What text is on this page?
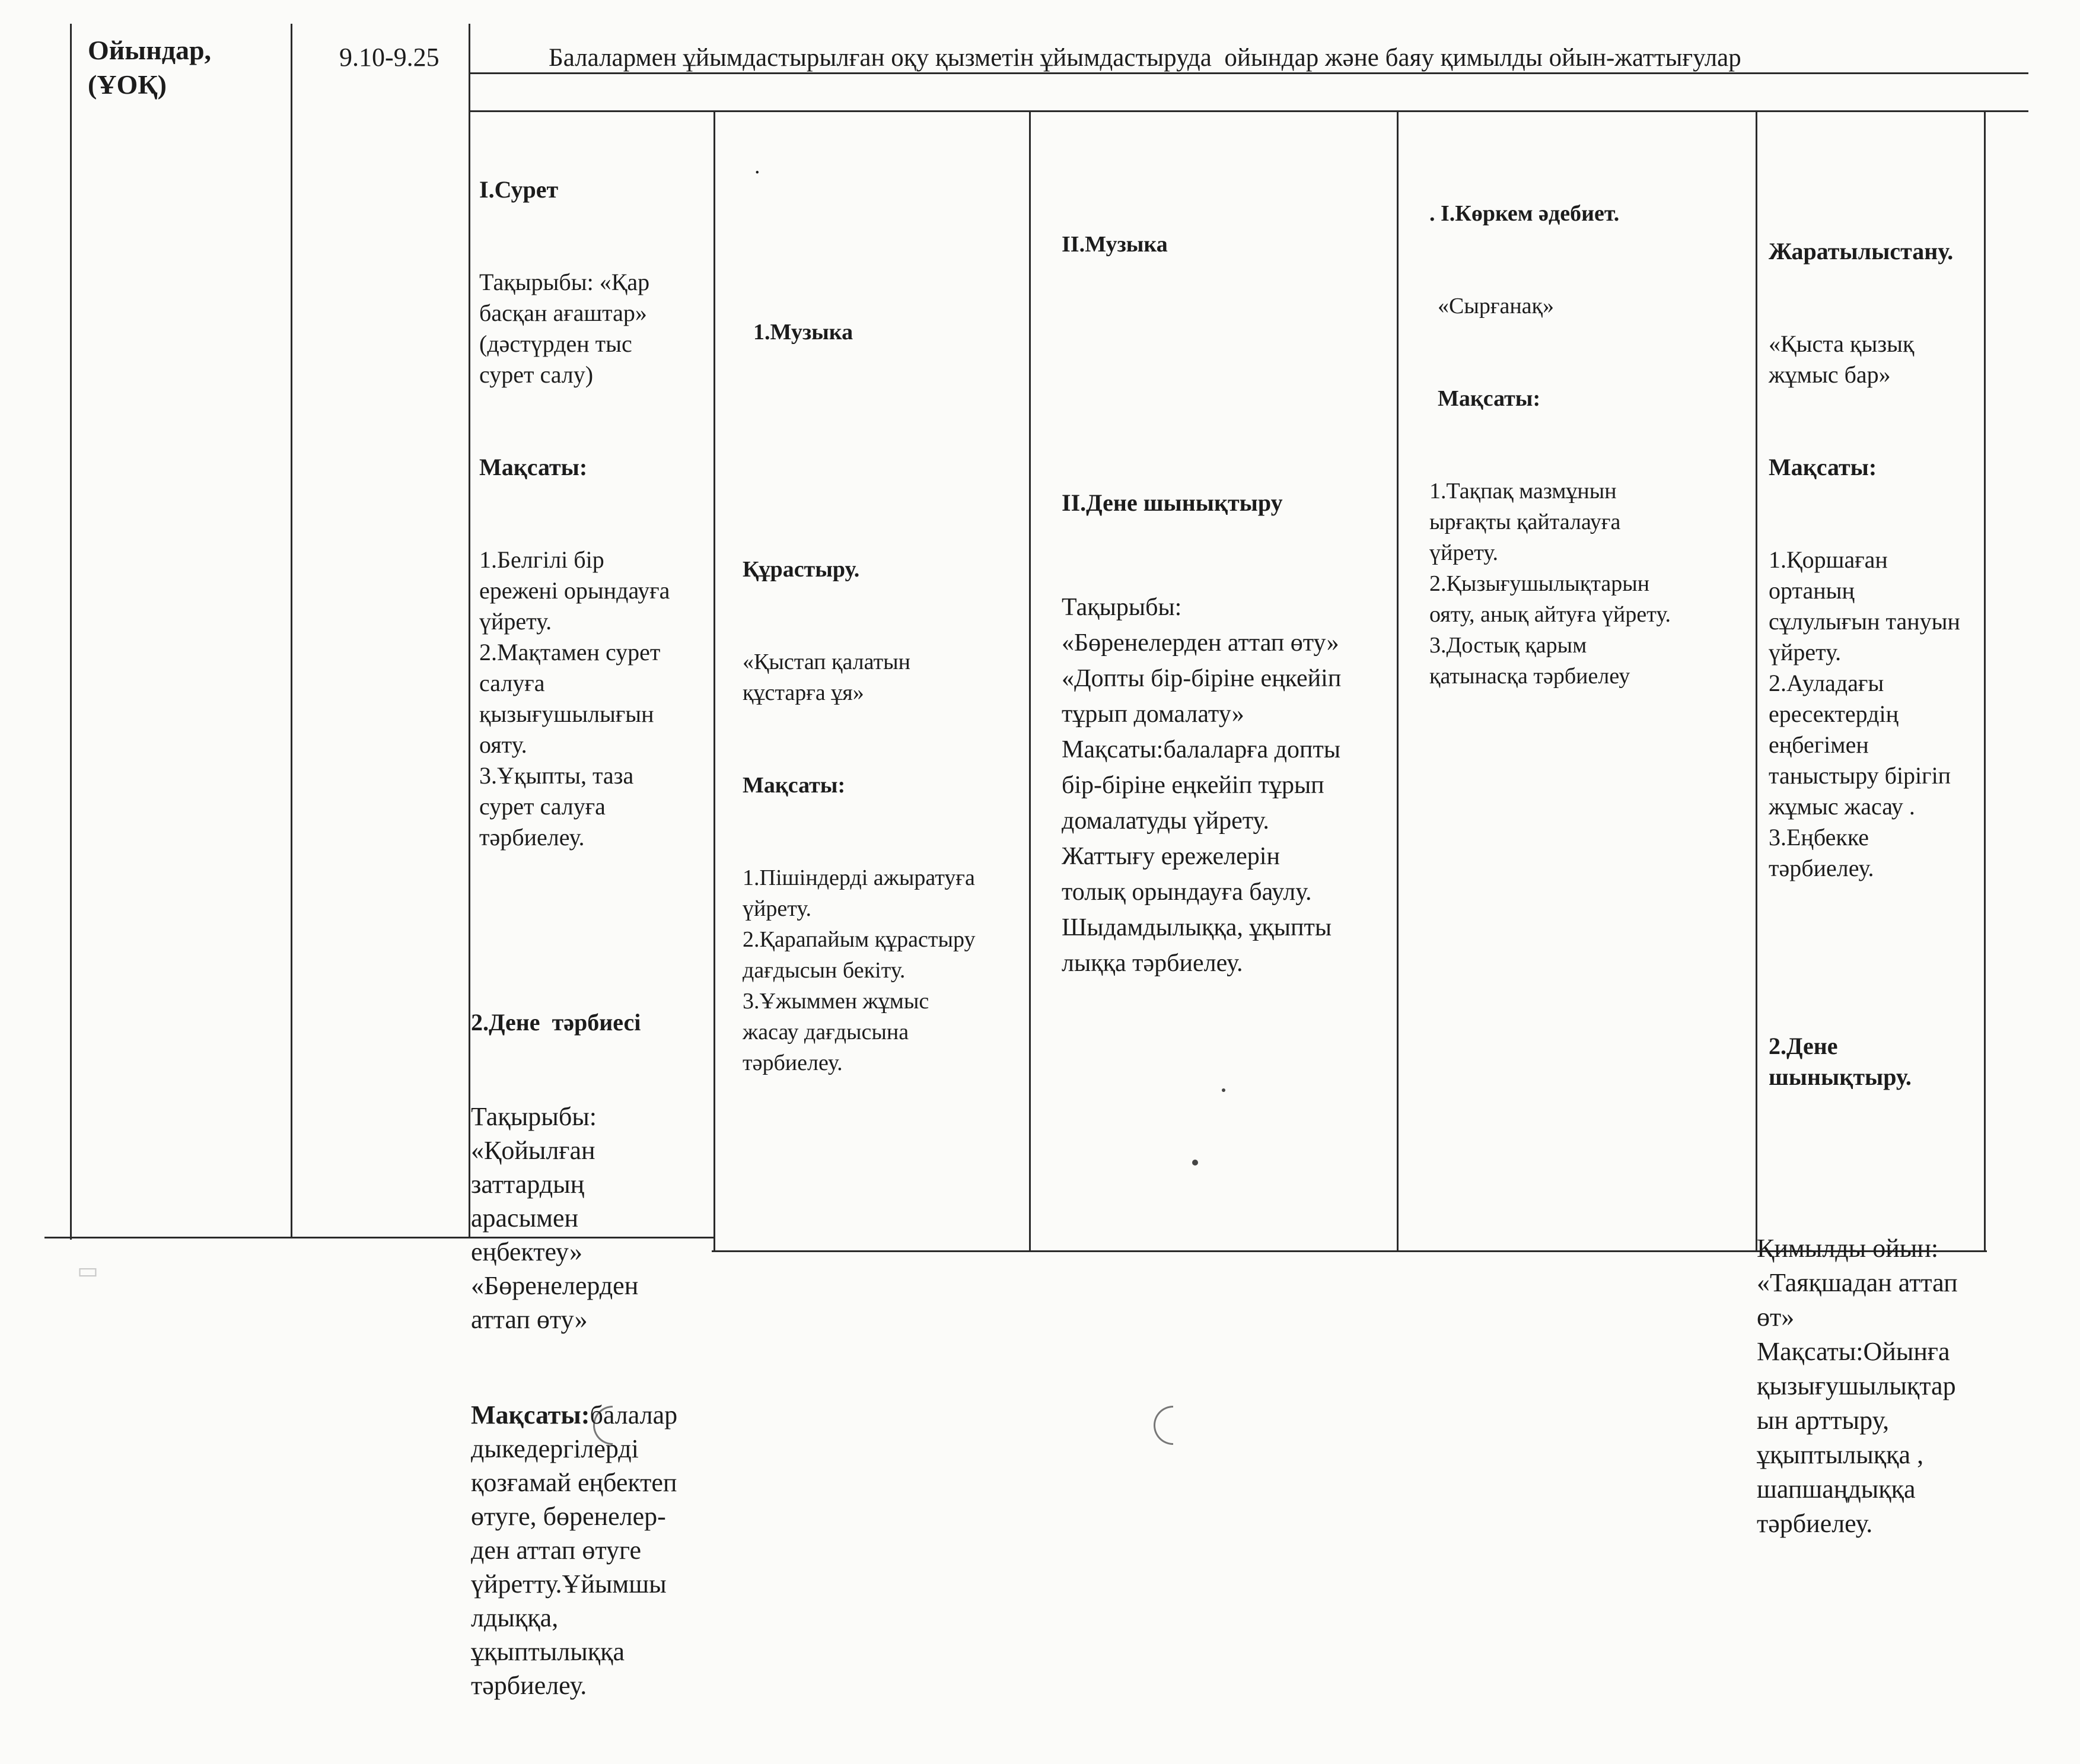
▭
Ойындар,
(ҰОҚ)
9.10-9.25	Балалармен ұйымдастырылған оқу қызметін ұйымдастыруда  ойындар және баяу қимылды ойын-жаттығулар

І.Сурет

Тақырыбы: «Қар
басқан ағаштар»
(дәстүрден тыс
сурет салу)

Мақсаты:

1.Белгілі бір
ережені орындауға
үйрету.
2.Мақтамен сурет
салуға
қызығушылығын
ояту.
3.Ұқыпты, таза
сурет салуға
тәрбиелеу.

2.Дене  тәрбиесі

Тақырыбы:
«Қойылған
заттардың
арасымен
еңбектеу»
«Бөренелерден
аттап өту»

Мақсаты:балалар
дыкедергілерді
қозғамай еңбектеп
өтуге, бөренелер-
ден аттап өтуге
үйретту.Ұйымшы
лдыққа,
ұқыптылыққа
тәрбиелеу.

.

1.Музыка

Құрастыру.

«Қыстап қалатын
құстарға ұя»

Мақсаты:

1.Пішіндерді ажыратуға
үйрету.
2.Қарапайым құрастыру
дағдысын бекіту.
3.Ұжыммен жұмыс
жасау дағдысына
тәрбиелеу.

ІІ.Музыка

ІІ.Дене шынықтыру

Тақырыбы:
«Бөренелерден аттап өту»
«Допты бір-біріне еңкейіп
тұрып домалату»
Мақсаты:балаларға допты
бір-біріне еңкейіп тұрып
домалатуды үйрету.
Жаттығу ережелерін
толық орындауға баулу.
Шыдамдылыққа, ұқыпты
лыққа тәрбиелеу.

. І.Көркем әдебиет.

«Сырғанақ»

Мақсаты:

1.Тақпақ мазмұнын
ырғақты қайталауға
үйрету.
2.Қызығушылықтарын
ояту, анық айтуға үйрету.
3.Достық қарым
қатынасқа тәрбиелеу

Жаратылыстану.

«Қыста қызық
жұмыс бар»

Мақсаты:

1.Қоршаған
ортаның
сұлулығын тануын
үйрету.
2.Ауладағы
ересектердің
еңбегімен
таныстыру бірігіп
жұмыс жасау .
3.Еңбекке
тәрбиелеу.

2.Дене
шынықтыру.

Қимылды ойын:
«Таяқшадан аттап
өт»
Мақсаты:Ойынға
қызығушылықтар
ын арттыру,
ұқыптылыққа ,
шапшаңдыққа
тәрбиелеу.
